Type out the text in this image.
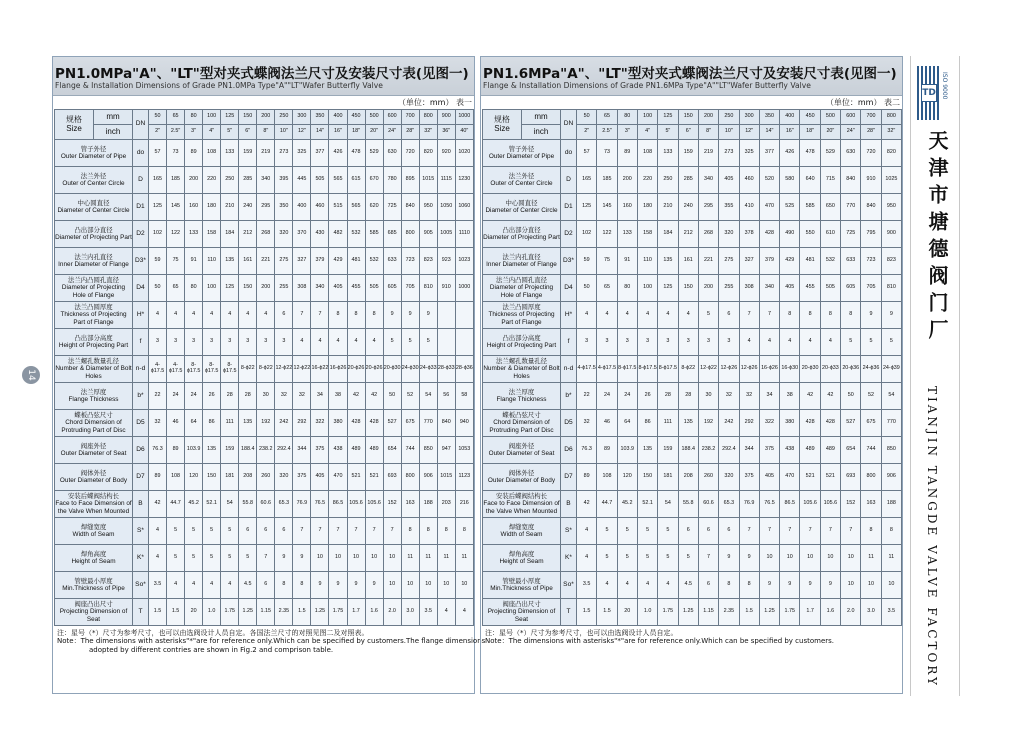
14
PN1.0MPa"A"、"LT"型对夹式蝶阀法兰尺寸及安装尺寸表(见图一)
Flange & Installation Dimensions of Grade PN1.0MPa Type"A""LT"Wafer Butterfly Valve
（单位：mm） 表一
规格
Size	mm	DN	50	65	80	100	125	150	200	250	300	350	400	450	500	600	700	800	900	1000
	inch		2"	2.5"	3"	4"	5"	6"	8"	10"	12"	14"	16"	18"	20"	24"	28"	32"	36"	40"

管子外径
Outer Diameter of Pipe		do	57	73	89	108	133	159	219	273	325	377	426	478	529	630	720	820	920	1020

法兰外径
Outer of Center Circle		D	165	185	200	220	250	285	340	395	445	505	565	615	670	780	895	1015	1115	1230

中心圆直径
Diameter of Center Circle		D1	125	145	160	180	210	240	295	350	400	460	515	565	620	725	840	950	1050	1060

凸出部分直径
Diameter of Projecting Part		D2	102	122	133	158	184	212	268	320	370	430	482	532	585	685	800	905	1005	1110

法兰内孔直径
Inner Diameter of Flange		D3*	59	75	91	110	135	161	221	275	327	379	429	481	532	633	723	823	923	1023

法兰内凸圆孔直径
Diameter of Projecting Hole of Flange		D4	50	65	80	100	125	150	200	255	308	340	405	455	505	605	705	810	910	1000

法兰凸圆厚度
Thickness of Projecting Part of Flange		H*	4	4	4	4	4	4	4	6	7	7	8	8	8	9	9	9		

凸出部分高度
Height of Projecting Part		f	3	3	3	3	3	3	3	3	4	4	4	4	4	5	5	5		

法兰螺孔数量孔径
Number & Diameter of Bolt Holes		n-d	4-ϕ17.5	4-ϕ17.5	8-ϕ17.5	8-ϕ17.5	8-ϕ17.5	8-ϕ22	8-ϕ22	12-ϕ22	12-ϕ22	16-ϕ22	16-ϕ26	20-ϕ26	20-ϕ26	20-ϕ30	24-ϕ30	24-ϕ33	28-ϕ33	28-ϕ36

法兰厚度
Flange Thickness		b*	22	24	24	26	28	28	30	32	32	34	38	42	42	50	52	54	56	58

蝶板凸弦尺寸
Chord Dimension of Protruding Part of Disc		D5	32	46	64	86	111	135	192	242	292	322	380	428	428	527	675	770	840	940

阀座外径
Outer Diameter of Seat		D6	76.3	89	103.9	135	159	188.4	238.2	292.4	344	375	438	489	489	654	744	850	947	1053

阀体外径
Outer Diameter of Body		D7	89	108	120	150	181	208	260	320	375	405	470	521	521	693	800	906	1015	1123

安装后蝶阀结构长
Face to Face Dimension of the Valve When Mounted		B	42	44.7	45.2	52.1	54	55.8	60.6	65.3	76.9	76.5	86.5	105.6	105.6	152	163	188	203	216

焊缝宽度
Width of Seam		S*	4	5	5	5	5	6	6	6	7	7	7	7	7	7	8	8	8	8

焊角高度
Height of Seam		K*	4	5	5	5	5	5	7	9	9	10	10	10	10	10	11	11	11	11

管壁最小厚度
Min.Thickness of Pipe		So*	3.5	4	4	4	4	4.5	6	8	8	9	9	9	9	10	10	10	10	10

阀座凸出尺寸
Projecting Dimension of Seat		T	1.5	1.5	20	1.0	1.75	1.25	1.15	2.35	1.5	1.25	1.75	1.7	1.6	2.0	3.0	3.5	4	4
注：星号（*）尺寸为参考尺寸，也可以由选阀设计人员自定。各国法兰尺寸的对照见图二及对照表。
Note：The dimensions with asterisks"*"are for reference only.Which can be specified by customers.The flange dimensions
adopted by different contries are shown in Fig.2 and comprison table.
PN1.6MPa"A"、"LT"型对夹式蝶阀法兰尺寸及安装尺寸表(见图一)
Flange & Installation Dimensions of Grade PN1.6MPa Type"A""LT"Wafer Butterfly Valve
（单位：mm） 表二
规格
Size	mm	DN	50	65	80	100	125	150	200	250	300	350	400	450	500	600	700	800
	inch		2"	2.5"	3"	4"	5"	6"	8"	10"	12"	14"	16"	18"	20"	24"	28"	32"

管子外径
Outer Diameter of Pipe		do	57	73	89	108	133	159	219	273	325	377	426	478	529	630	720	820

法兰外径
Outer of Center Circle		D	165	185	200	220	250	285	340	405	460	520	580	640	715	840	910	1025

中心圆直径
Diameter of Center Circle		D1	125	145	160	180	210	240	295	355	410	470	525	585	650	770	840	950

凸出部分直径
Diameter of Projecting Part		D2	102	122	133	158	184	212	268	320	378	428	490	550	610	725	795	900

法兰内孔直径
Inner Diameter of Flange		D3*	59	75	91	110	135	161	221	275	327	379	429	481	532	633	723	823

法兰内凸圆孔直径
Diameter of Projecting Hole of Flange		D4	50	65	80	100	125	150	200	255	308	340	405	455	505	605	705	810

法兰凸圆厚度
Thickness of Projecting Part of Flange		H*	4	4	4	4	4	4	5	6	7	7	8	8	8	8	9	9

凸出部分高度
Height of Projecting Part		f	3	3	3	3	3	3	3	3	4	4	4	4	4	5	5	5

法兰螺孔数量孔径
Number & Diameter of Bolt Holes		n-d	4-ϕ17.5	4-ϕ17.5	8-ϕ17.5	8-ϕ17.5	8-ϕ17.5	8-ϕ22	12-ϕ22	12-ϕ26	12-ϕ26	16-ϕ26	16-ϕ30	20-ϕ30	20-ϕ33	20-ϕ36	24-ϕ36	24-ϕ39

法兰厚度
Flange Thickness		b*	22	24	24	26	28	28	30	32	32	34	38	42	42	50	52	54

蝶板凸弦尺寸
Chord Dimension of Protruding Part of Disc		D5	32	46	64	86	111	135	192	242	292	322	380	428	428	527	675	770

阀座外径
Outer Diameter of Seat		D6	76.3	89	103.9	135	159	188.4	238.2	292.4	344	375	438	489	489	654	744	850

阀体外径
Outer Diameter of Body		D7	89	108	120	150	181	208	260	320	375	405	470	521	521	693	800	906

安装后蝶阀结构长
Face to Face Dimension of the Valve When Mounted		B	42	44.7	45.2	52.1	54	55.8	60.6	65.3	76.9	76.5	86.5	105.6	105.6	152	163	188

焊缝宽度
Width of Seam		S*	4	5	5	5	5	6	6	6	7	7	7	7	7	7	8	8

焊角高度
Height of Seam		K*	4	5	5	5	5	5	7	9	9	10	10	10	10	10	11	11

管壁最小厚度
Min.Thickness of Pipe		So*	3.5	4	4	4	4	4.5	6	8	8	9	9	9	9	10	10	10

阀座凸出尺寸
Projecting Dimension of Seat		T	1.5	1.5	20	1.0	1.75	1.25	1.15	2.35	1.5	1.25	1.75	1.7	1.6	2.0	3.0	3.5
注：星号（*）尺寸为参考尺寸，也可以由选阀设计人员自定。
Note：The dimensions with asterisks"*"are for reference only.Which can be specified by customers.
TD ISO 9000
天津市塘德阀门厂
TIANJIN TANGDE VALVE FACTORY
